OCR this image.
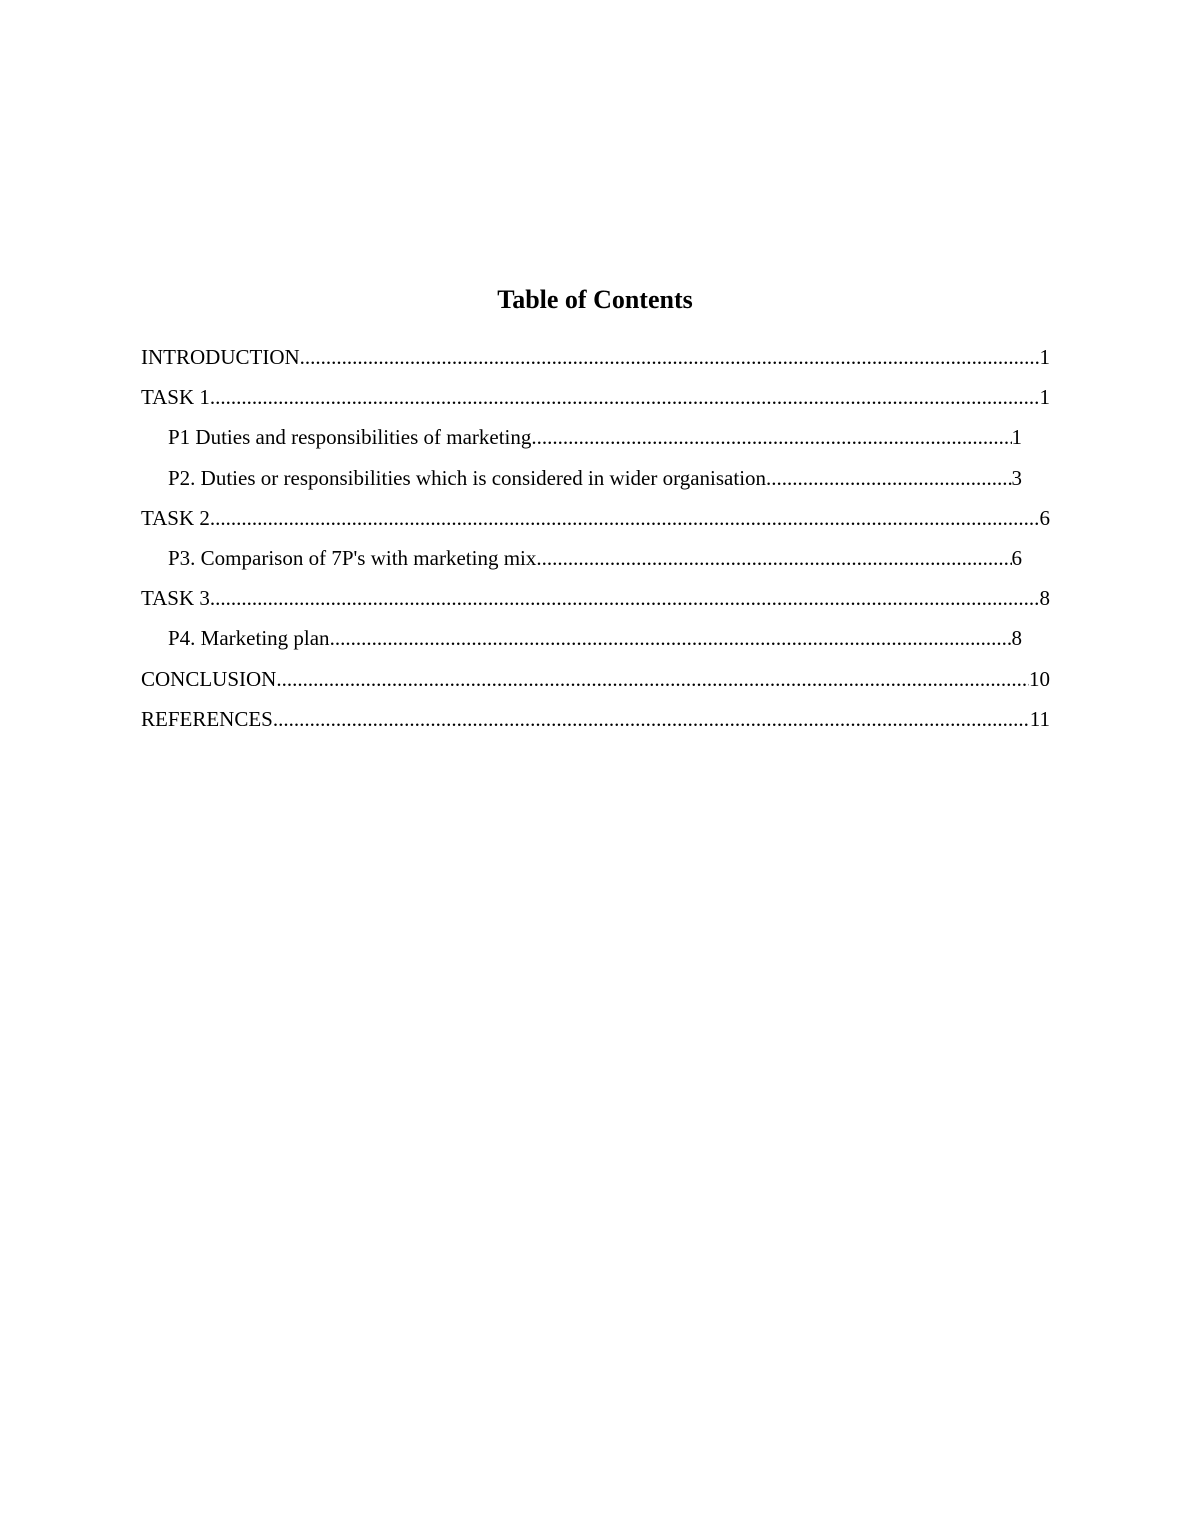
Table of Contents
INTRODUCTION .....	1
TASK 1 .....	1
P1 Duties and responsibilities of marketing .....	1
P2. Duties or responsibilities which is considered in wider organisation .....	3
TASK 2 .....	6
P3. Comparison of 7P's with marketing mix .....	6
TASK 3 .....	8
P4. Marketing plan .....	8
CONCLUSION .....	10
REFERENCES .....	11
